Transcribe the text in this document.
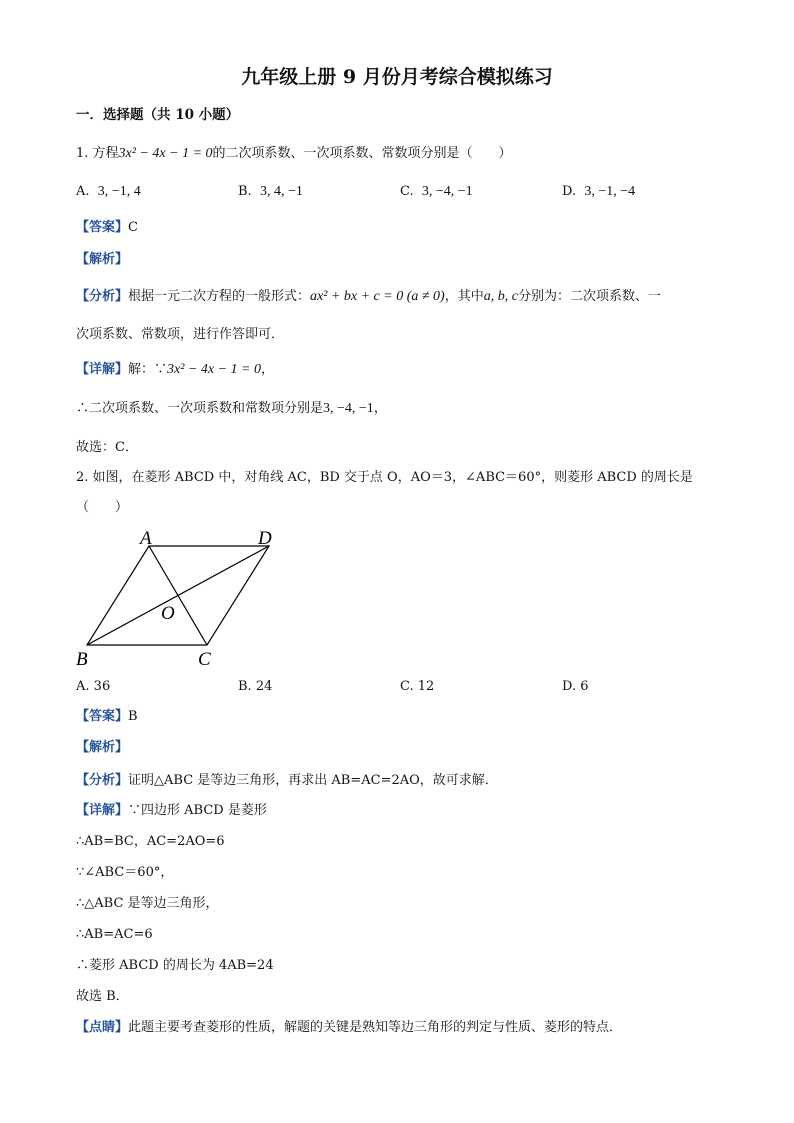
九年级上册 9 月份月考综合模拟练习
一．选择题（共 10 小题）
1. 方程3x² − 4x − 1 = 0的二次项系数、一次项系数、常数项分别是（　　）
A. 3, −1, 4	B. 3, 4, −1	C. 3, −4, −1	D. 3, −1, −4
【答案】C
【解析】
【分析】根据一元二次方程的一般形式：ax² + bx + c = 0 (a ≠ 0)，其中a, b, c分别为：二次项系数、一
次项系数、常数项，进行作答即可．
【详解】解：∵3x² − 4x − 1 = 0，
∴二次项系数、一次项系数和常数项分别是3, −4, −1，
故选：C．
2. 如图，在菱形 ABCD 中，对角线 AC，BD 交于点 O，AO＝3，∠ABC＝60°，则菱形 ABCD 的周长是
（　　）
A	D
B	C
O
A. 36	B. 24	C. 12	D. 6
【答案】B
【解析】
【分析】证明△ABC 是等边三角形，再求出 AB=AC=2AO，故可求解．
【详解】∵四边形 ABCD 是菱形
∴AB=BC，AC=2AO=6
∵∠ABC＝60°，
∴△ABC 是等边三角形，
∴AB=AC=6
∴菱形 ABCD 的周长为 4AB=24
故选 B．
【点睛】此题主要考查菱形的性质，解题的关键是熟知等边三角形的判定与性质、菱形的特点．
